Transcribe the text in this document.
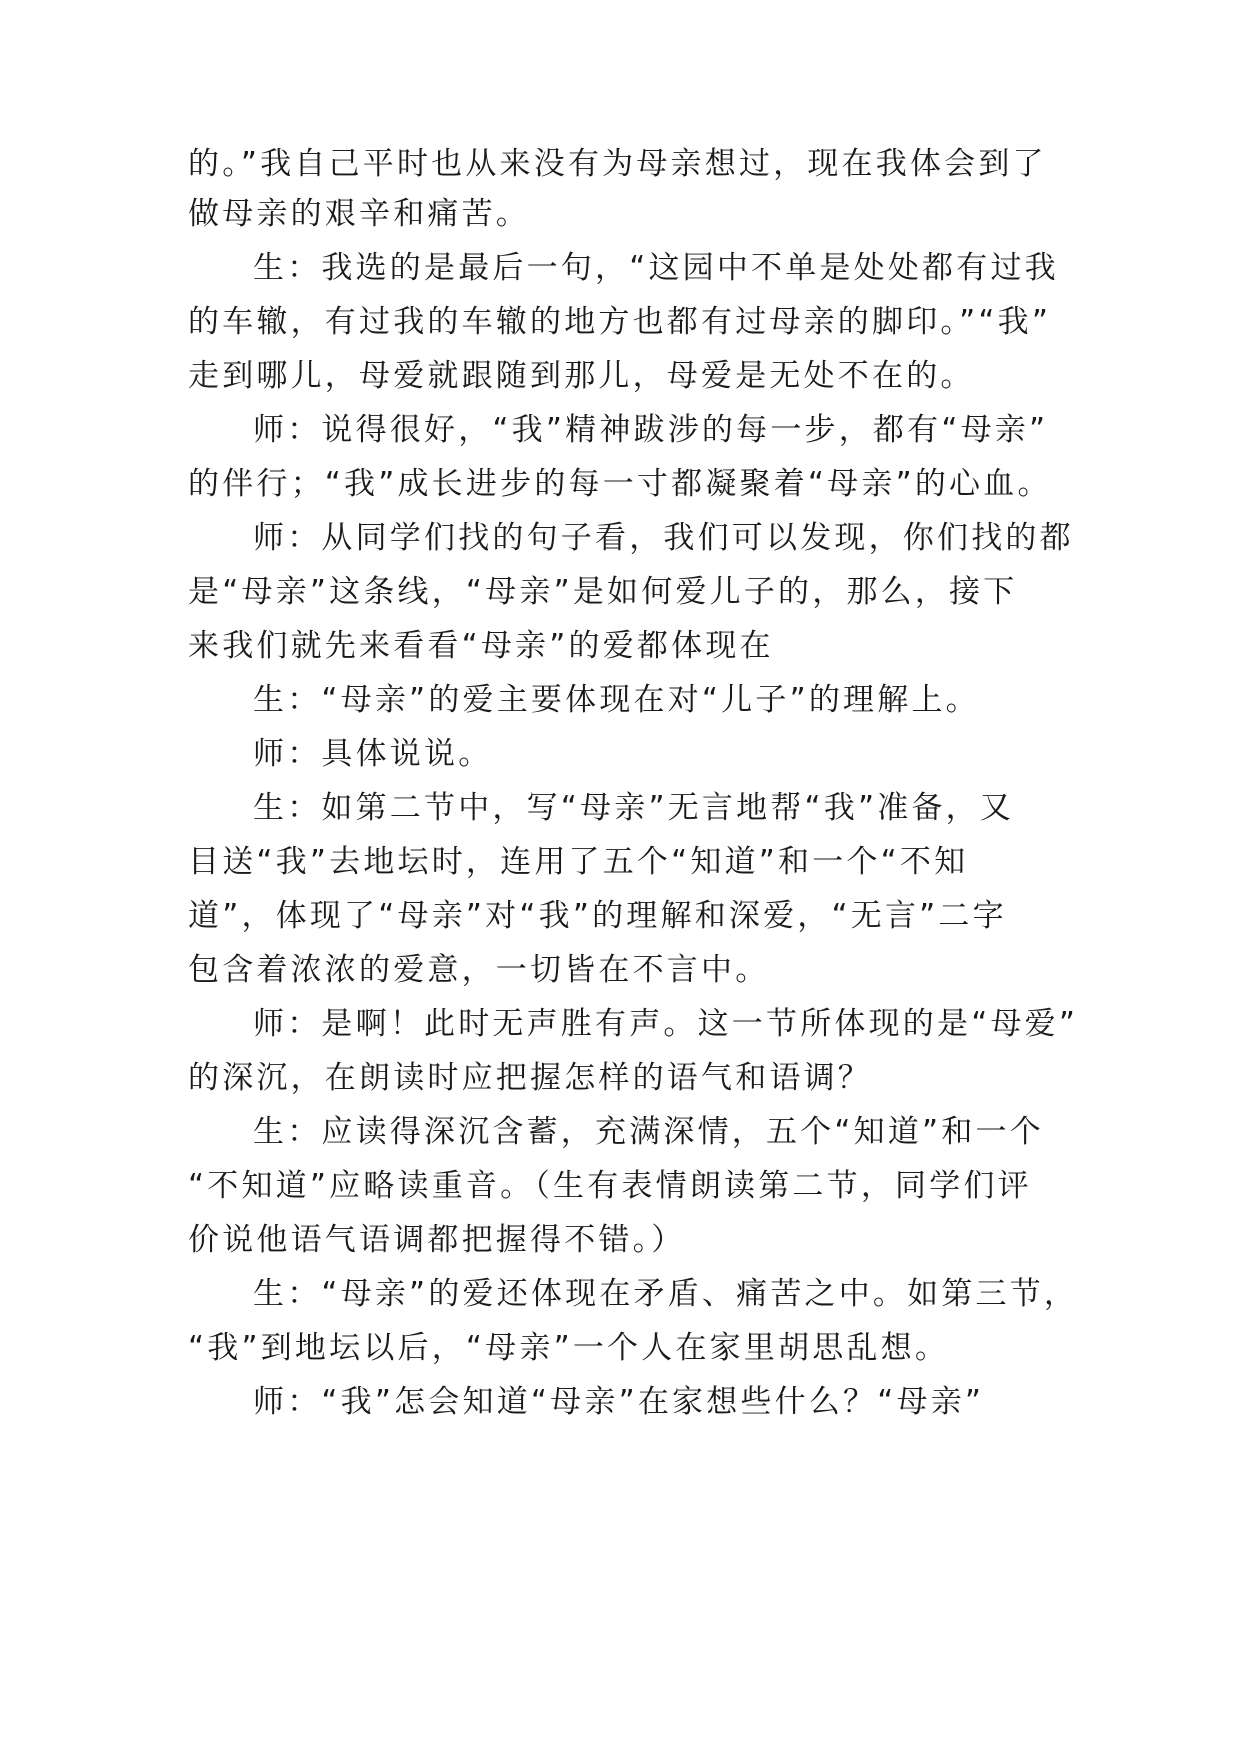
的。”我自己平时也从来没有为母亲想过，现在我体会到了
做母亲的艰辛和痛苦。
生：我选的是最后一句，“这园中不单是处处都有过我
的车辙，有过我的车辙的地方也都有过母亲的脚印。”“我”
走到哪儿，母爱就跟随到那儿，母爱是无处不在的。
师：说得很好，“我”精神跋涉的每一步，都有“母亲”
的伴行；“我”成长进步的每一寸都凝聚着“母亲”的心血。
师：从同学们找的句子看，我们可以发现，你们找的都
是“母亲”这条线，“母亲”是如何爱儿子的，那么，接下
来我们就先来看看“母亲”的爱都体现在
生：“母亲”的爱主要体现在对“儿子”的理解上。
师：具体说说。
生：如第二节中，写“母亲”无言地帮“我”准备，又
目送“我”去地坛时，连用了五个“知道”和一个“不知
道”，体现了“母亲”对“我”的理解和深爱，“无言”二字
包含着浓浓的爱意，一切皆在不言中。
师：是啊！此时无声胜有声。这一节所体现的是“母爱”
的深沉，在朗读时应把握怎样的语气和语调？
生：应读得深沉含蓄，充满深情，五个“知道”和一个
“不知道”应略读重音。（生有表情朗读第二节，同学们评
价说他语气语调都把握得不错。）
生：“母亲”的爱还体现在矛盾、痛苦之中。如第三节，
“我”到地坛以后，“母亲”一个人在家里胡思乱想。
师：“我”怎会知道“母亲”在家想些什么？“母亲”
